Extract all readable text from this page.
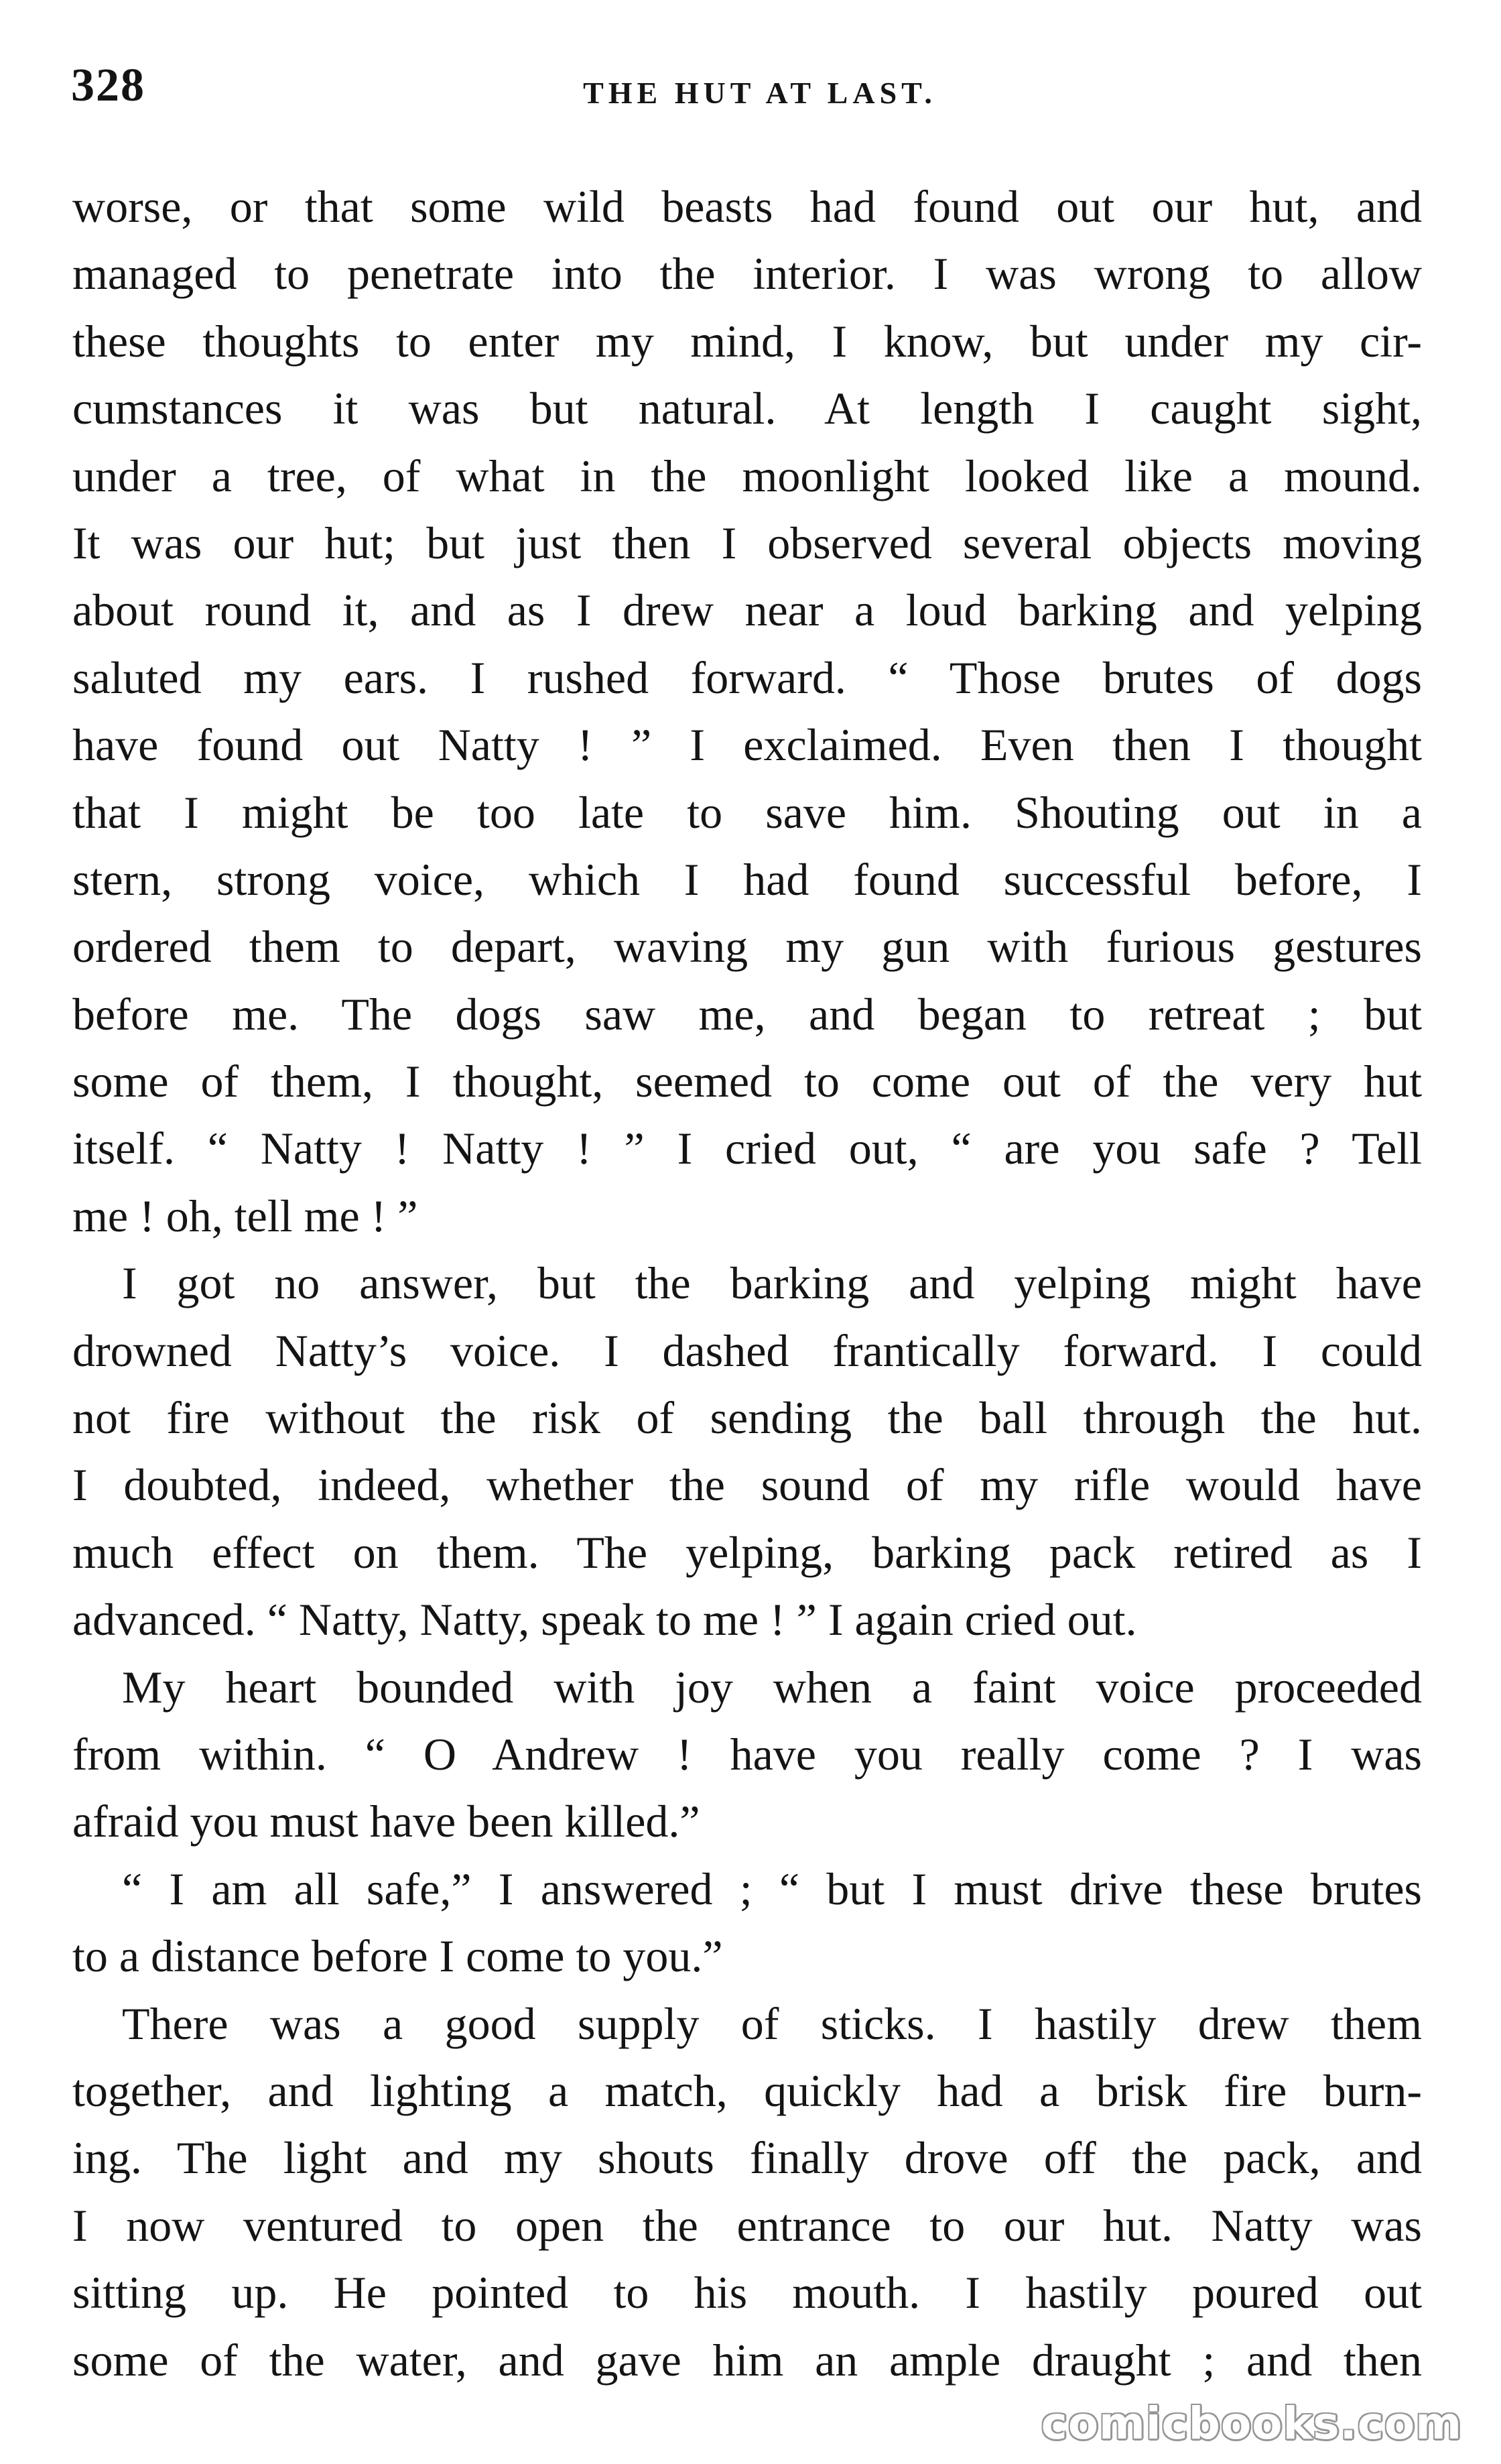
328	THE HUT AT LAST.
worse, or that some wild beasts had found out our hut, and
managed to penetrate into the interior. I was wrong to allow
these thoughts to enter my mind, I know, but under my cir-
cumstances it was but natural. At length I caught sight,
under a tree, of what in the moonlight looked like a mound.
It was our hut; but just then I observed several objects moving
about round it, and as I drew near a loud barking and yelping
saluted my ears. I rushed forward. “ Those brutes of dogs
have found out Natty ! ” I exclaimed. Even then I thought
that I might be too late to save him. Shouting out in a
stern, strong voice, which I had found successful before, I
ordered them to depart, waving my gun with furious gestures
before me. The dogs saw me, and began to retreat ; but
some of them, I thought, seemed to come out of the very hut
itself. “ Natty ! Natty ! ” I cried out, “ are you safe ? Tell
me ! oh, tell me ! ”
I got no answer, but the barking and yelping might have
drowned Natty’s voice. I dashed frantically forward. I could
not fire without the risk of sending the ball through the hut.
I doubted, indeed, whether the sound of my rifle would have
much effect on them. The yelping, barking pack retired as I
advanced. “ Natty, Natty, speak to me ! ” I again cried out.
My heart bounded with joy when a faint voice proceeded
from within. “ O Andrew ! have you really come ? I was
afraid you must have been killed.”
“ I am all safe,” I answered ; “ but I must drive these brutes
to a distance before I come to you.”
There was a good supply of sticks. I hastily drew them
together, and lighting a match, quickly had a brisk fire burn-
ing. The light and my shouts finally drove off the pack, and
I now ventured to open the entrance to our hut. Natty was
sitting up. He pointed to his mouth. I hastily poured out
some of the water, and gave him an ample draught ; and then
comicbooks.com
